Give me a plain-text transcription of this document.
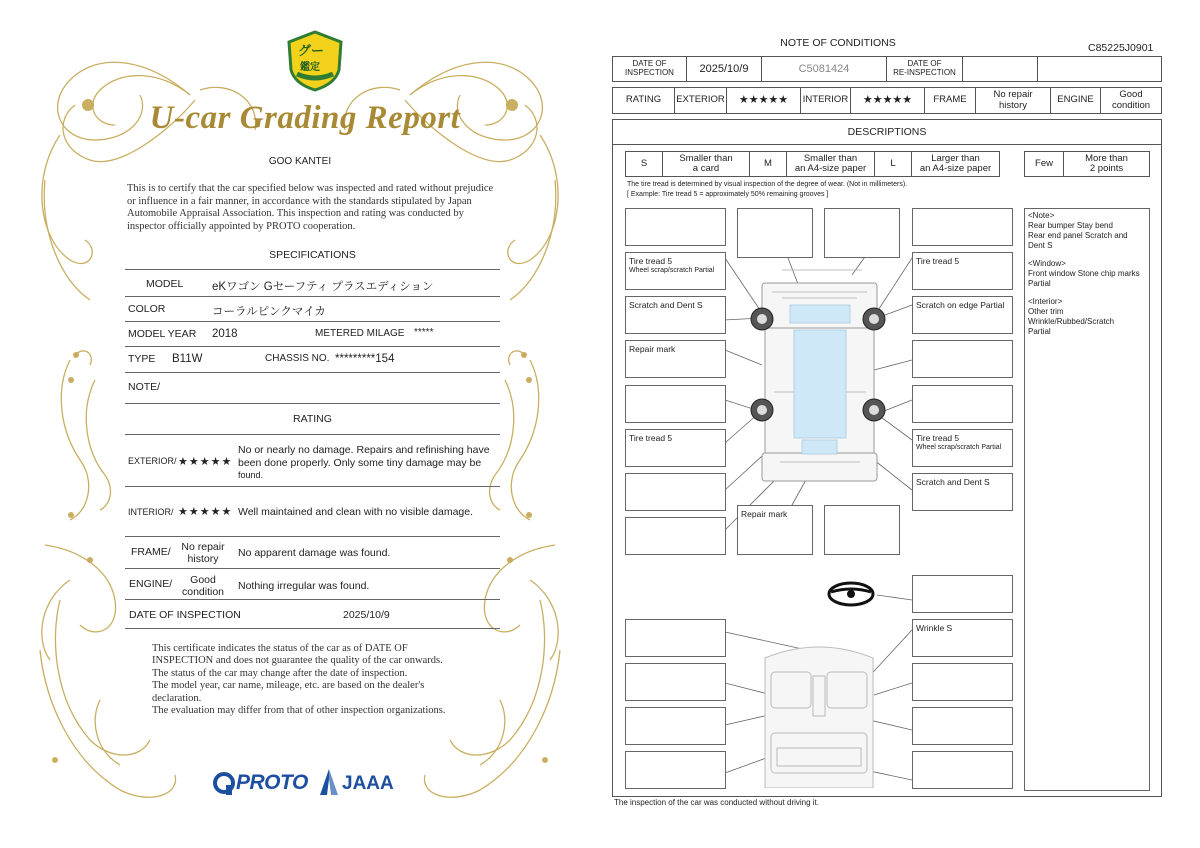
グー
鑑定
U-car Grading Report
GOO KANTEI
This is to certify that the car specified below was inspected and rated without prejudice or influence in a fair manner, in accordance with the standards stipulated by Japan Automobile Appraisal Association. This inspection and rating was conducted by inspector officially appointed by PROTO cooperation.
SPECIFICATIONS
MODEL eKワゴン Gセーフティ プラスエディション
COLOR	コーラルピンクマイカ
MODEL YEAR 2018	METERED MILAGE *****
TYPE B11W	CHASSIS NO. *********154
NOTE/
RATING
EXTERIOR/ ★★★★★
No or nearly no damage. Repairs and refinishing have been done properly. Only some tiny damage may be
found.
INTERIOR/ ★★★★★ Well maintained and clean with no visible damage.
FRAME/	No repair
history	No apparent damage was found.
ENGINE/	Good
condition	Nothing irregular was found.
DATE OF INSPECTION	2025/10/9
This certificate indicates the status of the car as of DATE OF
INSPECTION and does not guarantee the quality of the car onwards.
The status of the car may change after the date of inspection.
The model year, car name, mileage, etc. are based on the dealer's
declaration.
The evaluation may differ from that of other inspection organizations.
PROTO JAAA
NOTE OF CONDITIONS	C85225J0901
DATE OF
INSPECTION	2025/10/9	C5081424	DATE OF
RE-INSPECTION
RATING	EXTERIOR	★★★★★	INTERIOR	★★★★★	FRAME	No repair
history	ENGINE	Good
condition
DESCRIPTIONS
S	Smaller than
a card	M	Smaller than
an A4-size paper	L	Larger than
an A4-size paper	Few	More than
2 points
The tire tread is determined by visual inspection of the degree of wear. (Not in millimeters).
[ Example: Tire tread 5 = approximately 50% remaining grooves ]
Tire tread 5
Wheel scrap/scratch Partial
Scratch and Dent S
Repair mark
Tire tread 5
Repair mark
Tire tread 5
Scratch on edge Partial
Tire tread 5
Wheel scrap/scratch Partial
Scratch and Dent S
Wrinkle S
<Note>
Rear bumper Stay bend
Rear end panel Scratch and
Dent S
<Window>
Front window Stone chip marks
Partial
<Interior>
Other trim
Wrinkle/Rubbed/Scratch
Partial
The inspection of the car was conducted without driving it.
